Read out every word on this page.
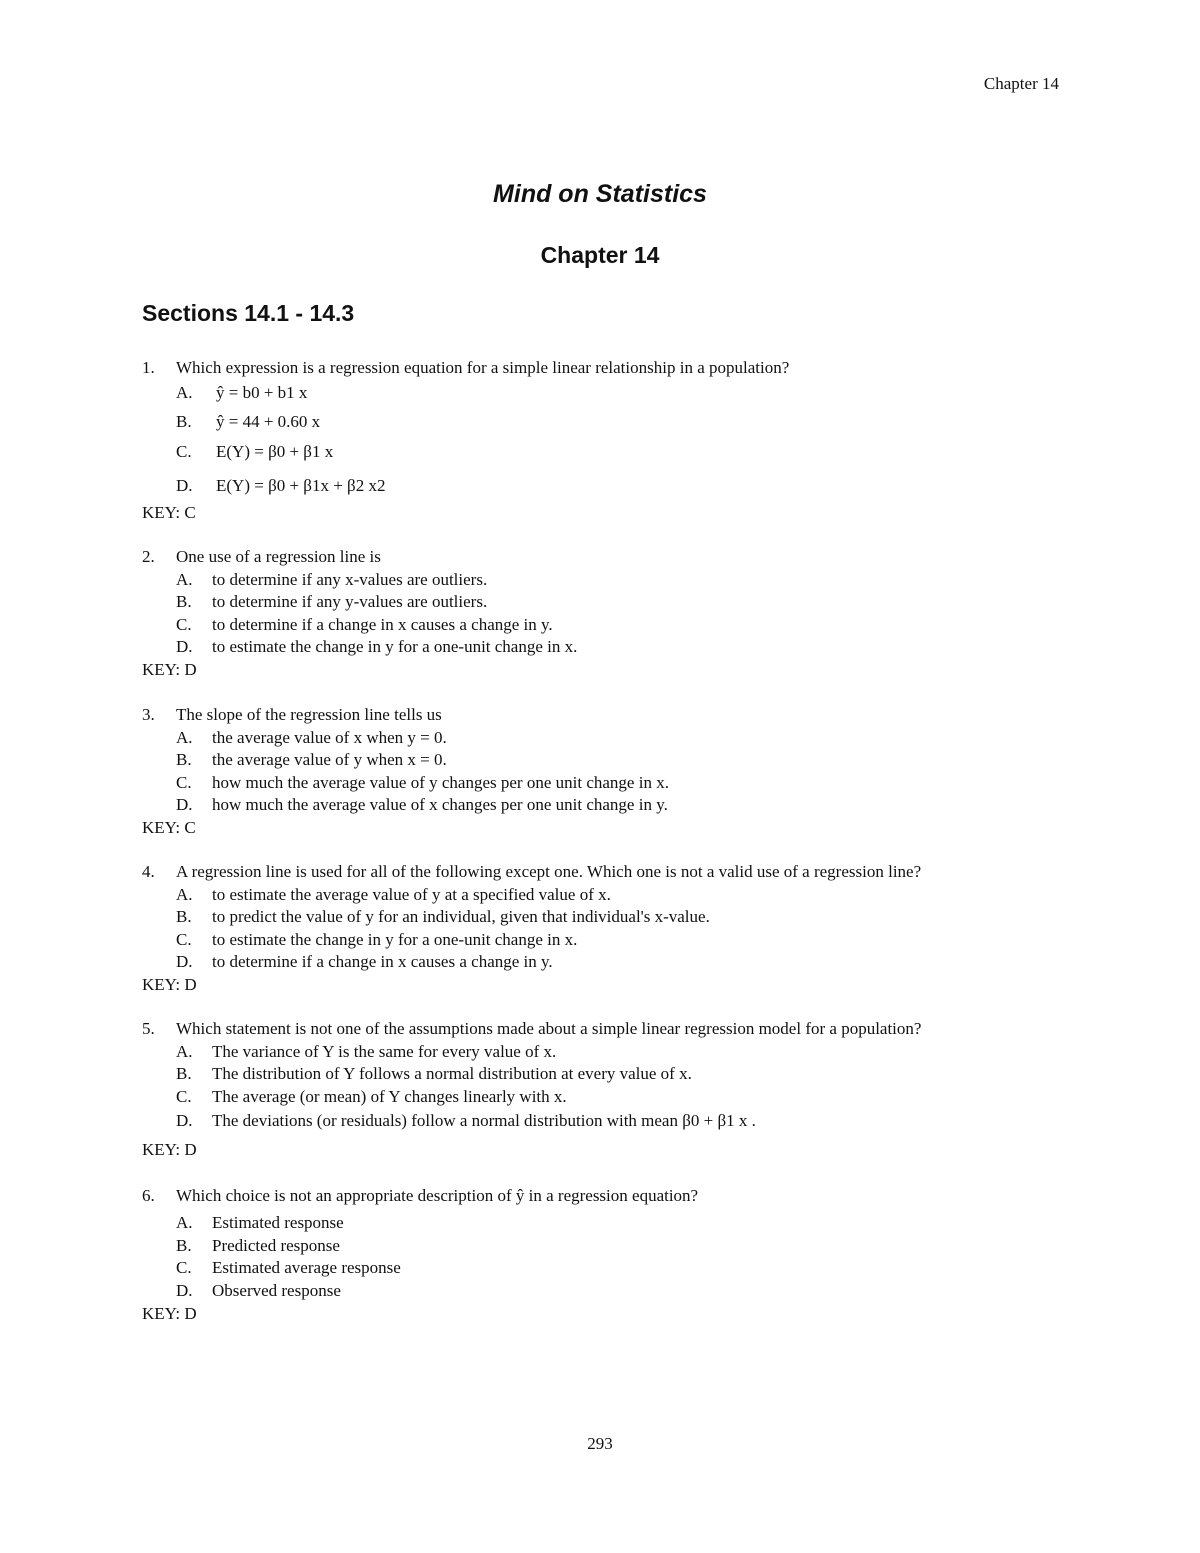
Chapter 14
Mind on Statistics
Chapter 14
Sections 14.1 - 14.3
1. Which expression is a regression equation for a simple linear relationship in a population?
A. ŷ = b0 + b1 x
B. ŷ = 44 + 0.60 x
C. E(Y) = β0 + β1 x
D. E(Y) = β0 + β1x + β2 x2
KEY: C
2. One use of a regression line is
A. to determine if any x-values are outliers.
B. to determine if any y-values are outliers.
C. to determine if a change in x causes a change in y.
D. to estimate the change in y for a one-unit change in x.
KEY: D
3. The slope of the regression line tells us
A. the average value of x when y = 0.
B. the average value of y when x = 0.
C. how much the average value of y changes per one unit change in x.
D. how much the average value of x changes per one unit change in y.
KEY: C
4. A regression line is used for all of the following except one. Which one is not a valid use of a regression line?
A. to estimate the average value of y at a specified value of x.
B. to predict the value of y for an individual, given that individual's x-value.
C. to estimate the change in y for a one-unit change in x.
D. to determine if a change in x causes a change in y.
KEY: D
5. Which statement is not one of the assumptions made about a simple linear regression model for a population?
A. The variance of Y is the same for every value of x.
B. The distribution of Y follows a normal distribution at every value of x.
C. The average (or mean) of Y changes linearly with x.
D. The deviations (or residuals) follow a normal distribution with mean β0 + β1 x .
KEY: D
6. Which choice is not an appropriate description of ŷ in a regression equation?
A. Estimated response
B. Predicted response
C. Estimated average response
D. Observed response
KEY: D
293
